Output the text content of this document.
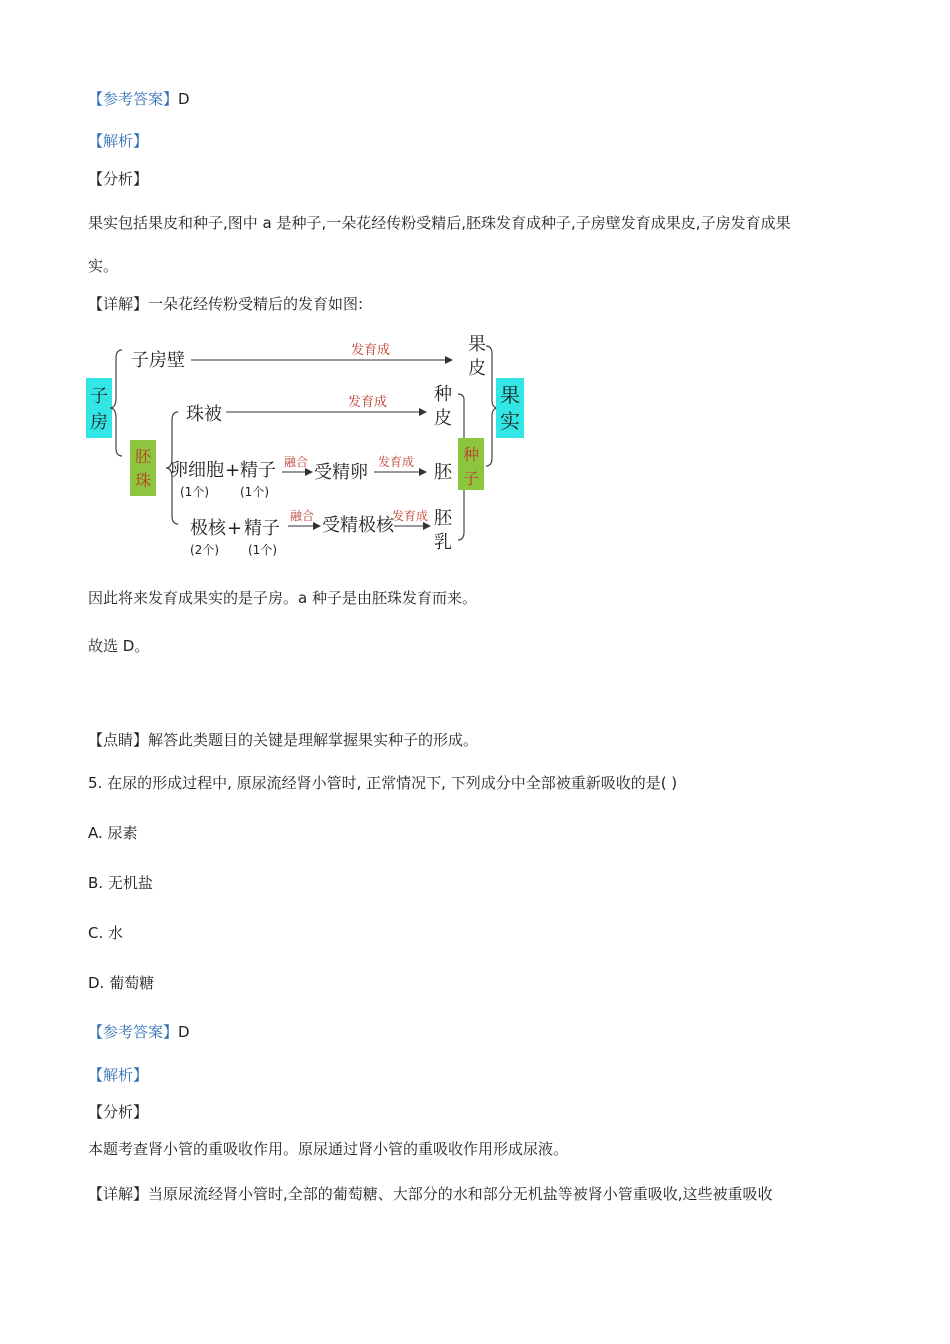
【参考答案】D
【解析】
【分析】
果实包括果皮和种子,图中 a 是种子,一朵花经传粉受精后,胚珠发育成种子,子房壁发育成果皮,子房发育成果
实。
【详解】一朵花经传粉受精后的发育如图:
子
房
子房壁	发育成	果
皮
胚
珠
珠被
发育成	种
皮
卵细胞 + 精子
(1个)	(1个)
融合 受精卵 发育成 胚
极核 + 精子
(2个) (1个)
融合 受精极核
发育成 胚
乳
种
子
果
实
因此将来发育成果实的是子房。a 种子是由胚珠发育而来。
故选 D。
【点睛】解答此类题目的关键是理解掌握果实种子的形成。
5. 在尿的形成过程中, 原尿流经肾小管时, 正常情况下, 下列成分中全部被重新吸收的是( )
A. 尿素
B. 无机盐
C. 水
D. 葡萄糖
【参考答案】D
【解析】
【分析】
本题考查肾小管的重吸收作用。原尿通过肾小管的重吸收作用形成尿液。
【详解】当原尿流经肾小管时,全部的葡萄糖、大部分的水和部分无机盐等被肾小管重吸收,这些被重吸收
